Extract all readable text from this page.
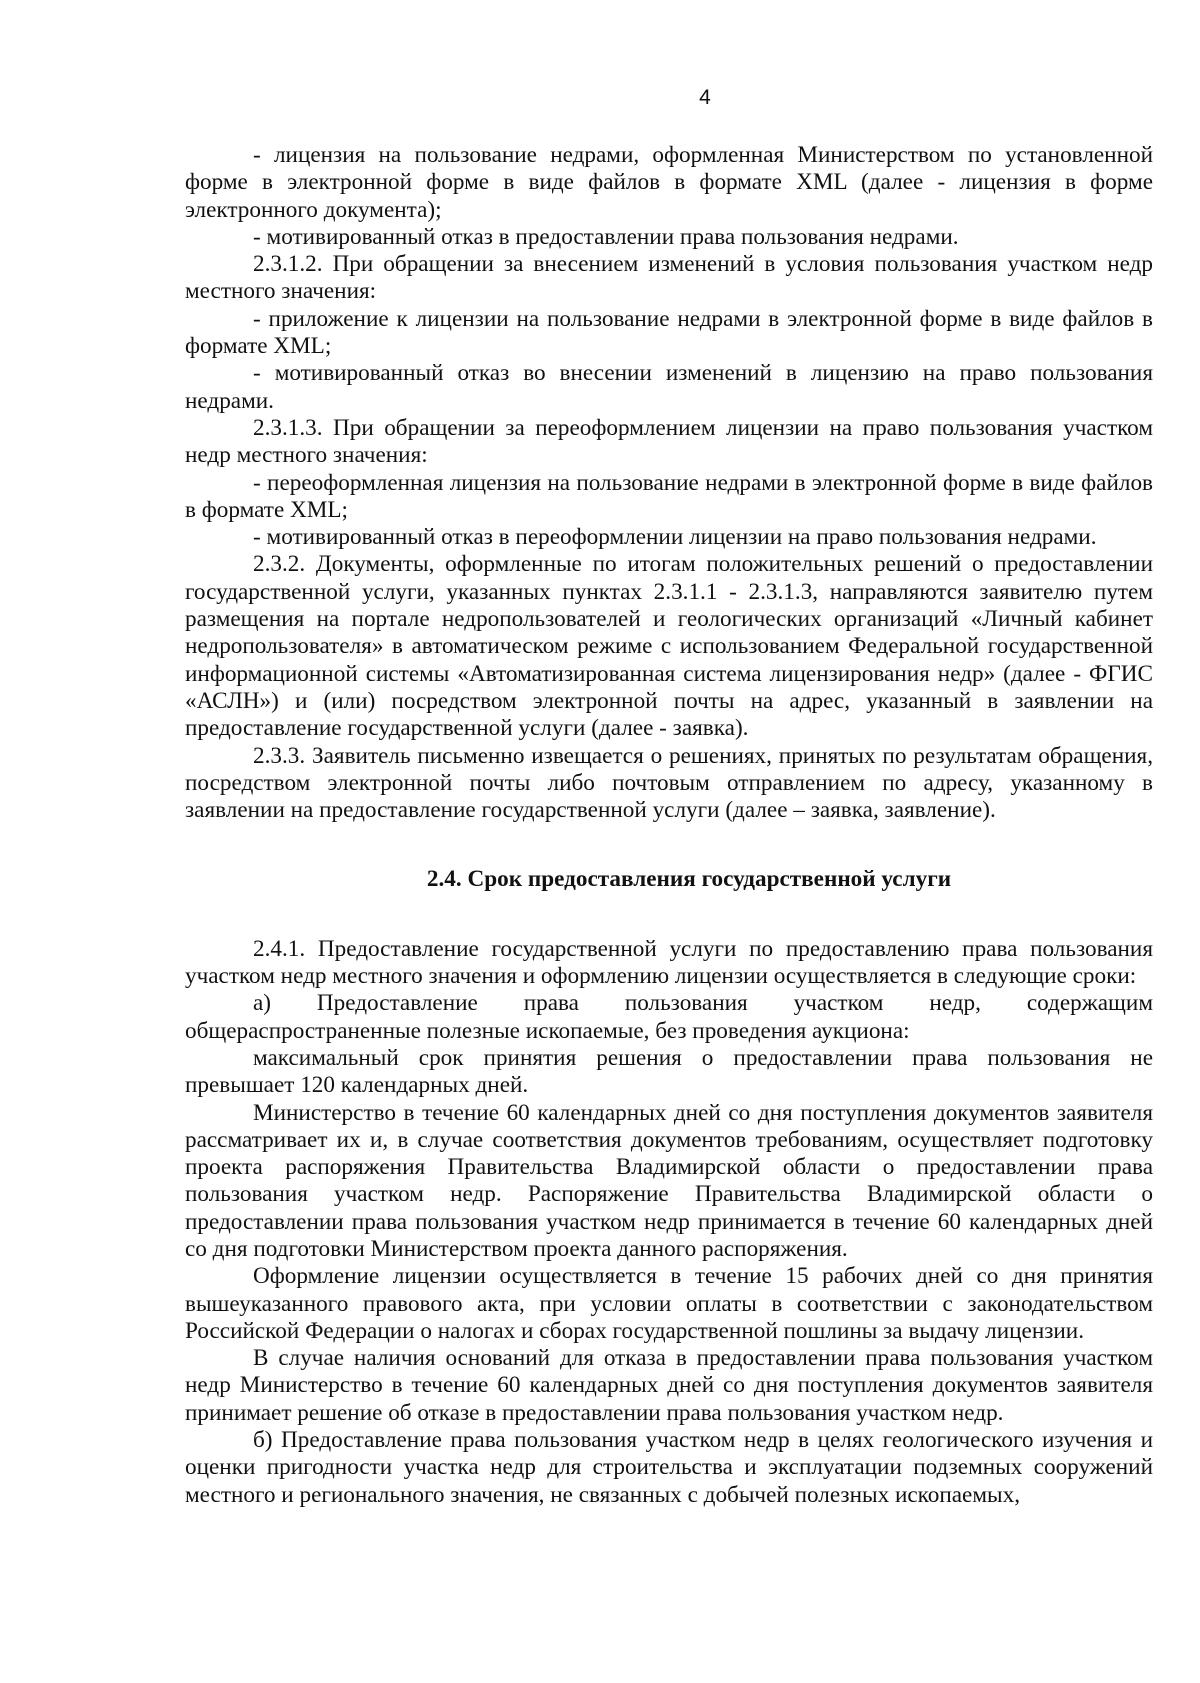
4

- лицензия на пользование недрами, оформленная Министерством по установленной форме в электронной форме в виде файлов в формате XML (далее - лицензия в форме электронного документа);

- мотивированный отказ в предоставлении права пользования недрами.

2.3.1.2. При обращении за внесением изменений в условия пользования участком недр местного значения:

- приложение к лицензии на пользование недрами в электронной форме в виде файлов в формате XML;

- мотивированный отказ во внесении изменений в лицензию на право пользования недрами.

2.3.1.3. При обращении за переоформлением лицензии на право пользования участком недр местного значения:

- переоформленная лицензия на пользование недрами в электронной форме в виде файлов в формате XML;

- мотивированный отказ в переоформлении лицензии на право пользования недрами.

2.3.2. Документы, оформленные по итогам положительных решений о предоставлении государственной услуги, указанных пунктах 2.3.1.1 - 2.3.1.3, направляются заявителю путем размещения на портале недропользователей и геологических организаций «Личный кабинет недропользователя» в автоматическом режиме с использованием Федеральной государственной информационной системы «Автоматизированная система лицензирования недр» (далее - ФГИС «АСЛН») и (или) посредством электронной почты на адрес, указанный в заявлении на предоставление государственной услуги (далее - заявка).

2.3.3. Заявитель письменно извещается о решениях, принятых по результатам обращения, посредством электронной почты либо почтовым отправлением по адресу, указанному в заявлении на предоставление государственной услуги (далее – заявка, заявление).

2.4. Срок предоставления государственной услуги

2.4.1. Предоставление государственной услуги по предоставлению права пользования участком недр местного значения и оформлению лицензии осуществляется в следующие сроки:

а) Предоставление права пользования участком недр, содержащим общераспространенные полезные ископаемые, без проведения аукциона:

максимальный срок принятия решения о предоставлении права пользования не превышает 120 календарных дней.

Министерство в течение 60 календарных дней со дня поступления документов заявителя рассматривает их и, в случае соответствия документов требованиям, осуществляет подготовку проекта распоряжения Правительства Владимирской области о предоставлении права пользования участком недр. Распоряжение Правительства Владимирской области о предоставлении права пользования участком недр принимается в течение 60 календарных дней со дня подготовки Министерством проекта данного распоряжения.

Оформление лицензии осуществляется в течение 15 рабочих дней со дня принятия вышеуказанного правового акта, при условии оплаты в соответствии с законодательством Российской Федерации о налогах и сборах государственной пошлины за выдачу лицензии.

В случае наличия оснований для отказа в предоставлении права пользования участком недр Министерство в течение 60 календарных дней со дня поступления документов заявителя принимает решение об отказе в предоставлении права пользования участком недр.

б) Предоставление права пользования участком недр в целях геологического изучения и оценки пригодности участка недр для строительства и эксплуатации подземных сооружений местного и регионального значения, не связанных с добычей полезных ископаемых,
